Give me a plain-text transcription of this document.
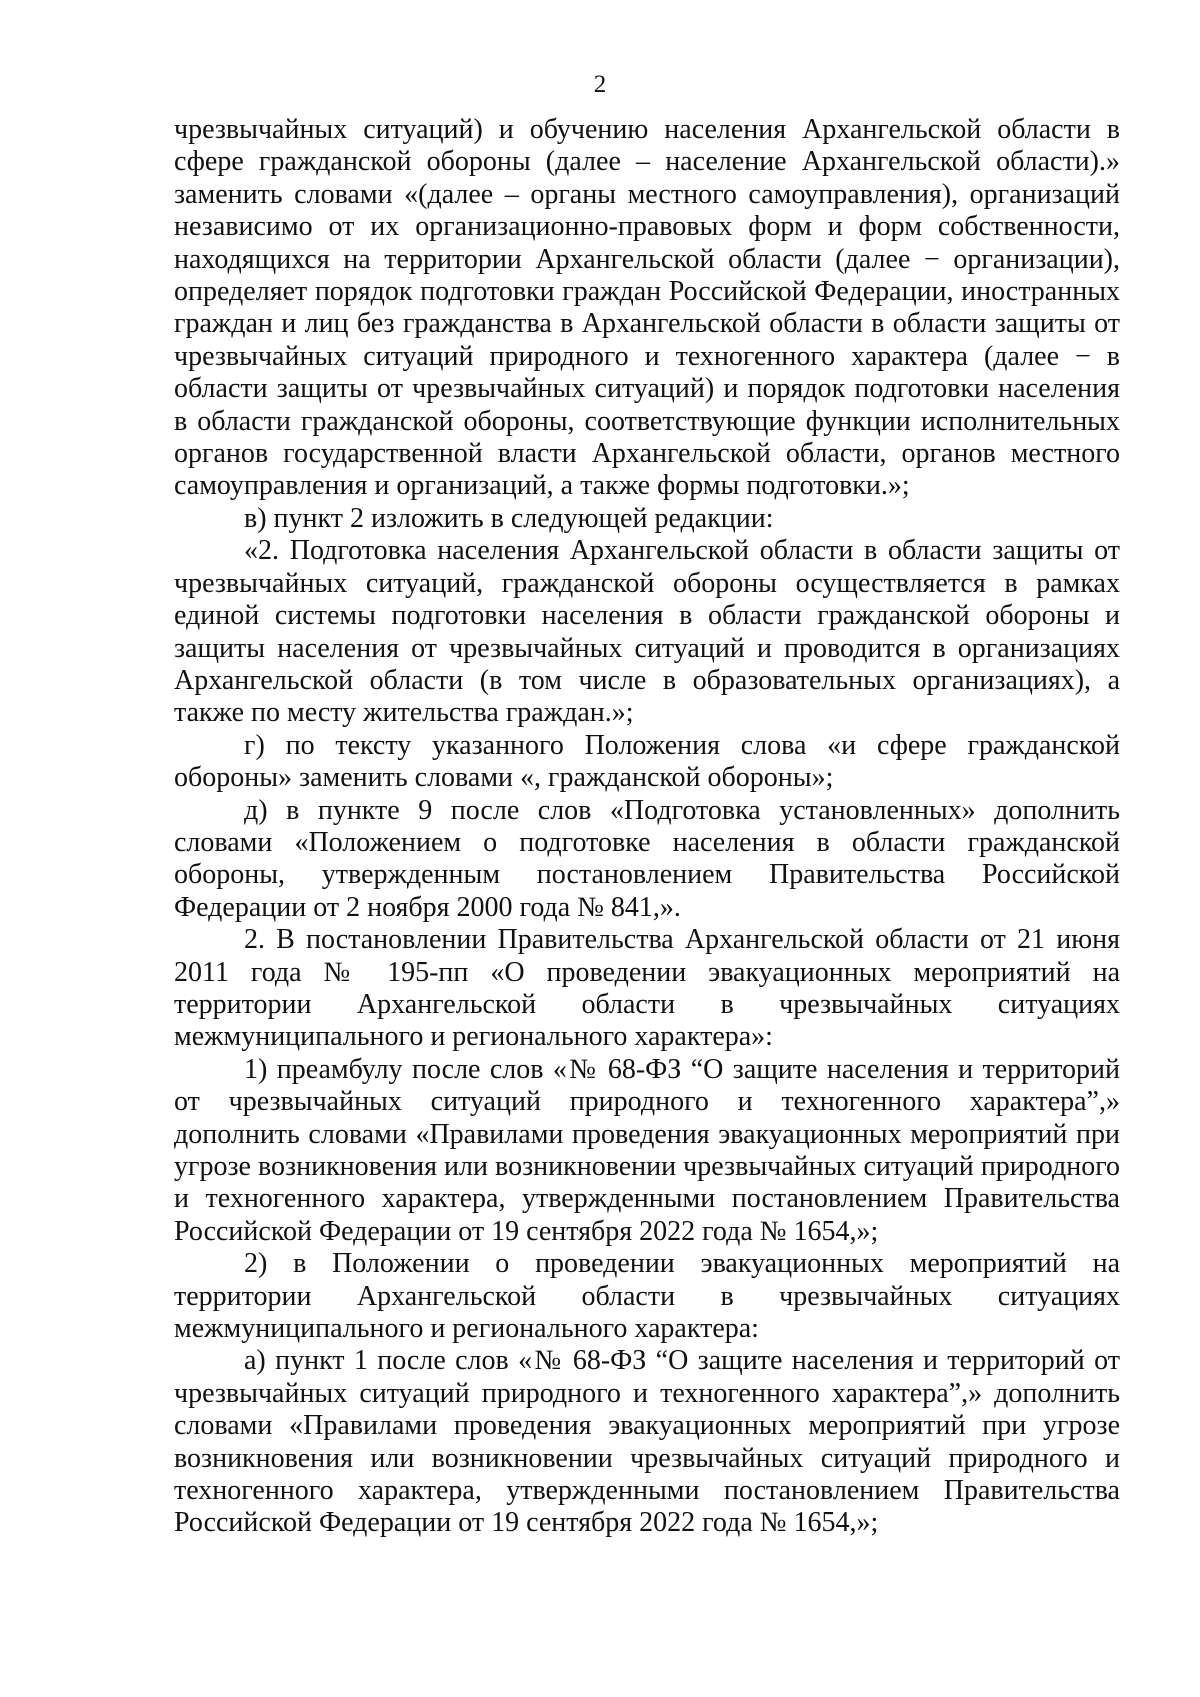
2

чрезвычайных ситуаций) и обучению населения Архангельской области в сфере гражданской обороны (далее – население Архангельской области).» заменить словами «(далее – органы местного самоуправления), организаций независимо от их организационно-правовых форм и форм собственности, находящихся на территории Архангельской области (далее − организации), определяет порядок подготовки граждан Российской Федерации, иностранных граждан и лиц без гражданства в Архангельской области в области защиты от чрезвычайных ситуаций природного и техногенного характера (далее − в области защиты от чрезвычайных ситуаций) и порядок подготовки населения в области гражданской обороны, соответствующие функции исполнительных органов государственной власти Архангельской области, органов местного самоуправления и организаций, а также формы подготовки.»;

в) пункт 2 изложить в следующей редакции:

«2. Подготовка населения Архангельской области в области защиты от чрезвычайных ситуаций, гражданской обороны осуществляется в рамках единой системы подготовки населения в области гражданской обороны и защиты населения от чрезвычайных ситуаций и проводится в организациях Архангельской области (в том числе в образовательных организациях), а также по месту жительства граждан.»;

г) по тексту указанного Положения слова «и сфере гражданской обороны» заменить словами «, гражданской обороны»;

д) в пункте 9 после слов «Подготовка установленных» дополнить словами «Положением о подготовке населения в области гражданской обороны, утвержденным постановлением Правительства Российской Федерации от 2 ноября 2000 года № 841,».

2. В постановлении Правительства Архангельской области от 21 июня 2011 года № 195-пп «О проведении эвакуационных мероприятий на территории Архангельской области в чрезвычайных ситуациях межмуниципального и регионального характера»:

1) преамбулу после слов «№ 68-ФЗ “О защите населения и территорий от чрезвычайных ситуаций природного и техногенного характера”,» дополнить словами «Правилами проведения эвакуационных мероприятий при угрозе возникновения или возникновении чрезвычайных ситуаций природного и техногенного характера, утвержденными постановлением Правительства Российской Федерации от 19 сентября 2022 года № 1654,»;

2) в Положении о проведении эвакуационных мероприятий на территории Архангельской области в чрезвычайных ситуациях межмуниципального и регионального характера:

а) пункт 1 после слов «№ 68-ФЗ “О защите населения и территорий от чрезвычайных ситуаций природного и техногенного характера”,» дополнить словами «Правилами проведения эвакуационных мероприятий при угрозе возникновения или возникновении чрезвычайных ситуаций природного и техногенного характера, утвержденными постановлением Правительства Российской Федерации от 19 сентября 2022 года № 1654,»;
